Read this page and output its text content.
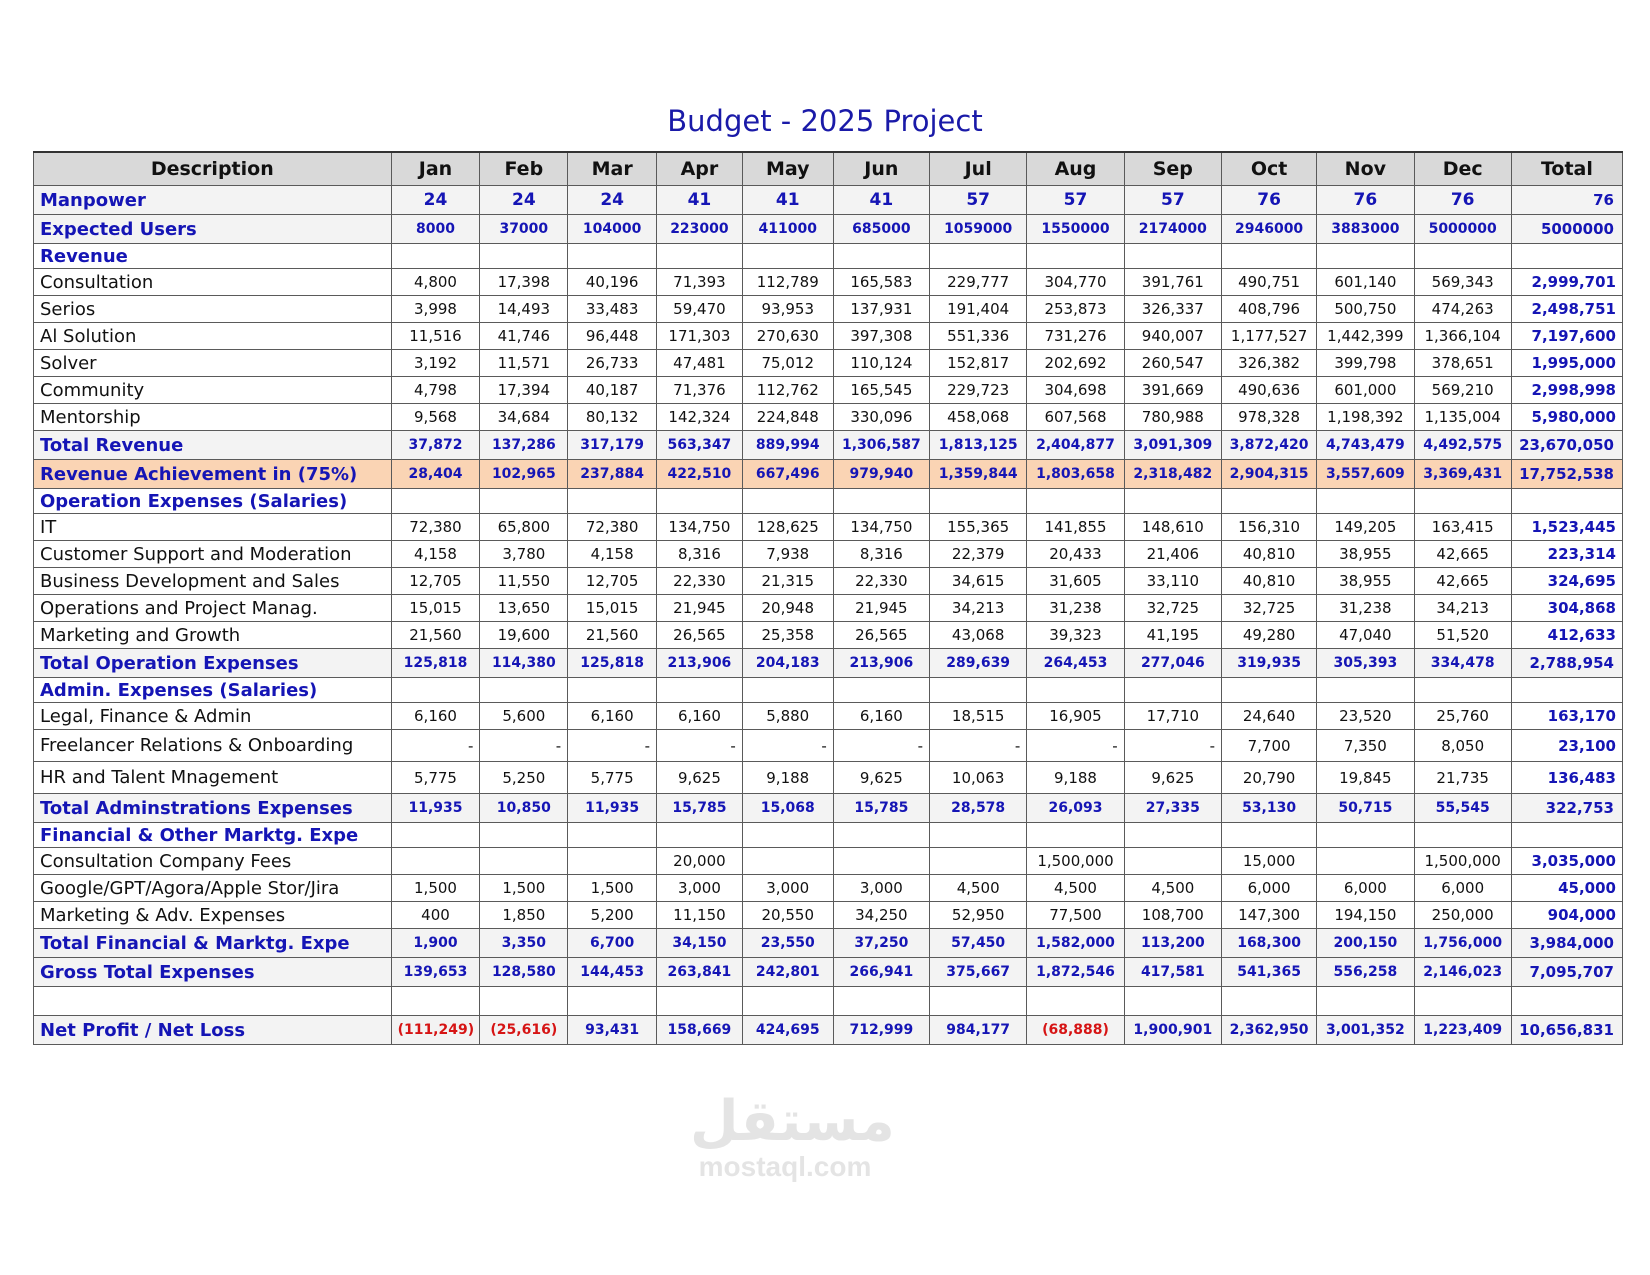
Budget - 2025 Project
Description	Jan	Feb	Mar	Apr	May	Jun	Jul	Aug	Sep	Oct	Nov	Dec	Total
Manpower	24	24	24	41	41	41	57	57	57	76	76	76	76
Expected Users	8000	37000	104000	223000	411000	685000	1059000	1550000	2174000	2946000	3883000	5000000	5000000
Revenue													
Consultation	4,800	17,398	40,196	71,393	112,789	165,583	229,777	304,770	391,761	490,751	601,140	569,343	2,999,701
Serios	3,998	14,493	33,483	59,470	93,953	137,931	191,404	253,873	326,337	408,796	500,750	474,263	2,498,751
Al Solution	11,516	41,746	96,448	171,303	270,630	397,308	551,336	731,276	940,007	1,177,527	1,442,399	1,366,104	7,197,600
Solver	3,192	11,571	26,733	47,481	75,012	110,124	152,817	202,692	260,547	326,382	399,798	378,651	1,995,000
Community	4,798	17,394	40,187	71,376	112,762	165,545	229,723	304,698	391,669	490,636	601,000	569,210	2,998,998
Mentorship	9,568	34,684	80,132	142,324	224,848	330,096	458,068	607,568	780,988	978,328	1,198,392	1,135,004	5,980,000
Total Revenue	37,872	137,286	317,179	563,347	889,994	1,306,587	1,813,125	2,404,877	3,091,309	3,872,420	4,743,479	4,492,575	23,670,050
Revenue Achievement in (75%)	28,404	102,965	237,884	422,510	667,496	979,940	1,359,844	1,803,658	2,318,482	2,904,315	3,557,609	3,369,431	17,752,538
Operation Expenses (Salaries)													
IT	72,380	65,800	72,380	134,750	128,625	134,750	155,365	141,855	148,610	156,310	149,205	163,415	1,523,445
Customer Support and Moderation	4,158	3,780	4,158	8,316	7,938	8,316	22,379	20,433	21,406	40,810	38,955	42,665	223,314
Business Development and Sales	12,705	11,550	12,705	22,330	21,315	22,330	34,615	31,605	33,110	40,810	38,955	42,665	324,695
Operations and Project Manag.	15,015	13,650	15,015	21,945	20,948	21,945	34,213	31,238	32,725	32,725	31,238	34,213	304,868
Marketing and Growth	21,560	19,600	21,560	26,565	25,358	26,565	43,068	39,323	41,195	49,280	47,040	51,520	412,633
Total Operation Expenses	125,818	114,380	125,818	213,906	204,183	213,906	289,639	264,453	277,046	319,935	305,393	334,478	2,788,954
Admin. Expenses (Salaries)													
Legal, Finance & Admin	6,160	5,600	6,160	6,160	5,880	6,160	18,515	16,905	17,710	24,640	23,520	25,760	163,170
Freelancer Relations & Onboarding	-	-	-	-	-	-	-	-	-	7,700	7,350	8,050	23,100
HR and Talent Mnagement	5,775	5,250	5,775	9,625	9,188	9,625	10,063	9,188	9,625	20,790	19,845	21,735	136,483
Total Adminstrations Expenses	11,935	10,850	11,935	15,785	15,068	15,785	28,578	26,093	27,335	53,130	50,715	55,545	322,753
Financial & Other Marktg. Expe													
Consultation Company Fees				20,000				1,500,000		15,000		1,500,000	3,035,000
Google/GPT/Agora/Apple Stor/Jira	1,500	1,500	1,500	3,000	3,000	3,000	4,500	4,500	4,500	6,000	6,000	6,000	45,000
Marketing & Adv. Expenses	400	1,850	5,200	11,150	20,550	34,250	52,950	77,500	108,700	147,300	194,150	250,000	904,000
Total Financial & Marktg. Expe	1,900	3,350	6,700	34,150	23,550	37,250	57,450	1,582,000	113,200	168,300	200,150	1,756,000	3,984,000
Gross Total Expenses	139,653	128,580	144,453	263,841	242,801	266,941	375,667	1,872,546	417,581	541,365	556,258	2,146,023	7,095,707

Net Profit / Net Loss	(111,249)	(25,616)	93,431	158,669	424,695	712,999	984,177	(68,888)	1,900,901	2,362,950	3,001,352	1,223,409	10,656,831
مستقل
mostaql.com
